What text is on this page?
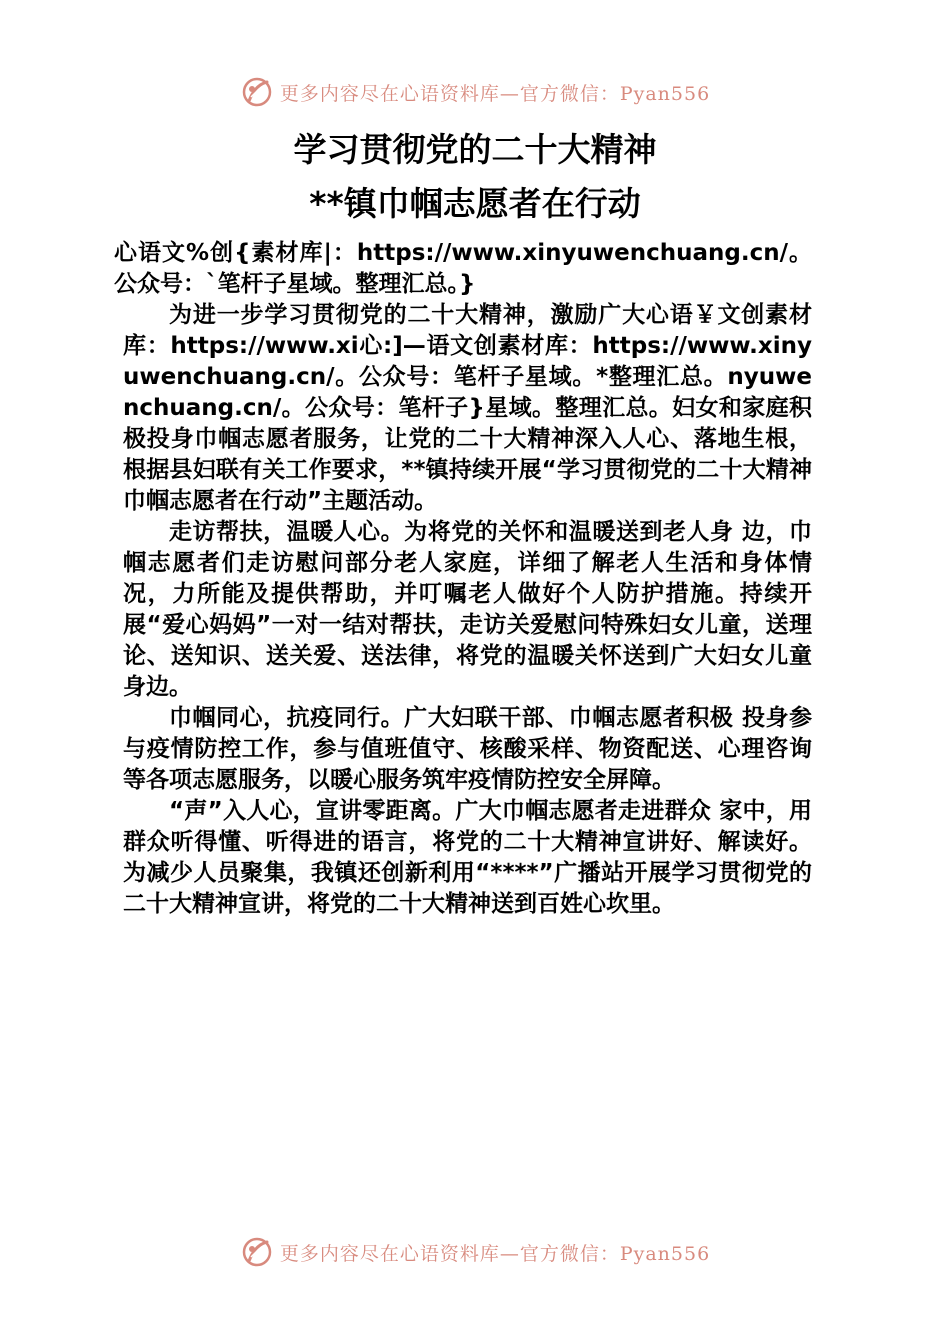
更多内容尽在心语资料库—官方微信：Pyan556
学习贯彻党的二十大精神
**镇巾帼志愿者在行动

心语文%创{素材库|：https://www.xinyuwenchuang.cn/。公众号：`笔杆子星域。整理汇总。}

为进一步学习贯彻党的二十大精神，激励广大心语￥文创素材库：https://www.xi心:]—语文创素材库：https://www.xinyuwenchuang.cn/。公众号：笔杆子星域。*整理汇总。nyuwenchuang.cn/。公众号：笔杆子}星域。整理汇总。妇女和家庭积极投身巾帼志愿者服务，让党的二十大精神深入人心、落地生根，根据县妇联有关工作要求，**镇持续开展“学习贯彻党的二十大精神 巾帼志愿者在行动”主题活动。

走访帮扶，温暖人心。为将党的关怀和温暖送到老人身 边，巾帼志愿者们走访慰问部分老人家庭，详细了解老人生活和身体情况，力所能及提供帮助，并叮嘱老人做好个人防护措施。持续开展“爱心妈妈”一对一结对帮扶，走访关爱慰问特殊妇女儿童，送理论、送知识、送关爱、送法律，将党的温暖关怀送到广大妇女儿童身边。

巾帼同心，抗疫同行。广大妇联干部、巾帼志愿者积极 投身参与疫情防控工作，参与值班值守、核酸采样、物资配送、心理咨询等各项志愿服务，以暖心服务筑牢疫情防控安全屏障。

“声”入人心，宣讲零距离。广大巾帼志愿者走进群众 家中，用群众听得懂、听得进的语言，将党的二十大精神宣讲好、解读好。为减少人员聚集，我镇还创新利用“****”广播站开展学习贯彻党的二十大精神宣讲，将党的二十大精神送到百姓心坎里。

更多内容尽在心语资料库—官方微信：Pyan556
